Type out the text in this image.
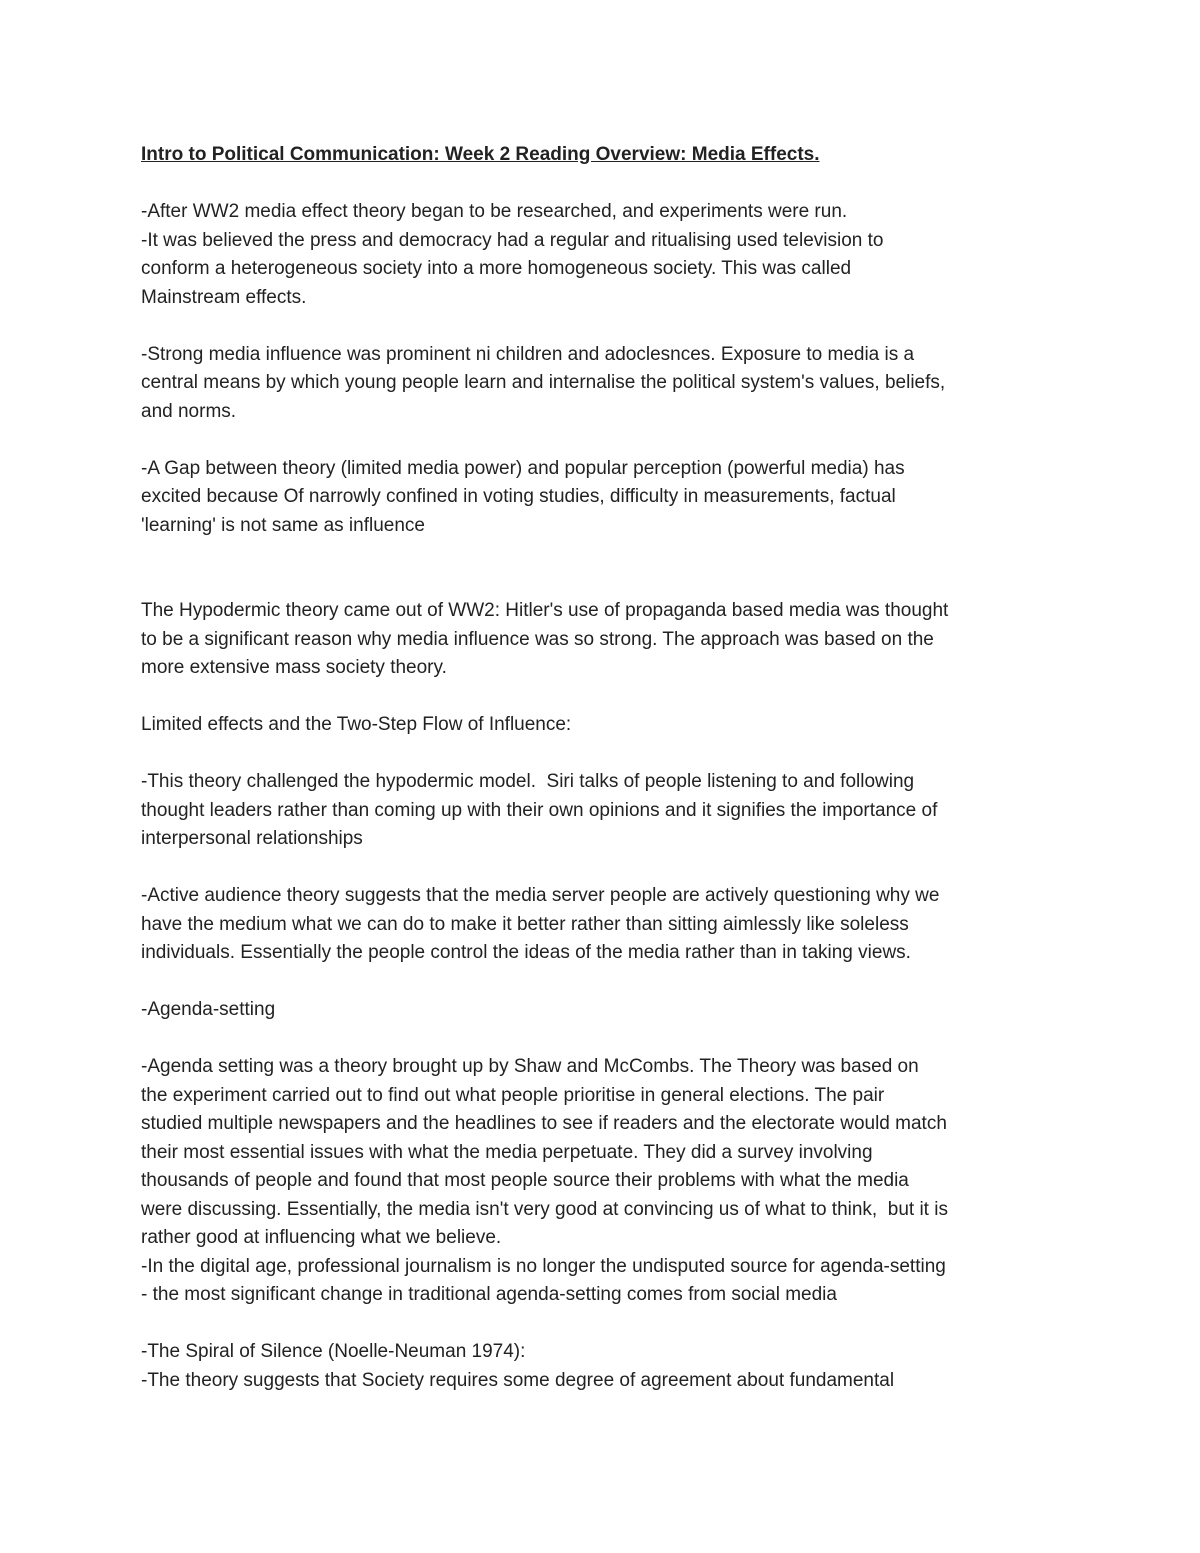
Intro to Political Communication: Week 2 Reading Overview: Media Effects.
-After WW2 media effect theory began to be researched, and experiments were run.
-It was believed the press and democracy had a regular and ritualising used television to
conform a heterogeneous society into a more homogeneous society. This was called
Mainstream effects.
-Strong media influence was prominent ni children and adoclesnces. Exposure to media is a
central means by which young people learn and internalise the political system's values, beliefs,
and norms.
-A Gap between theory (limited media power) and popular perception (powerful media) has
excited because Of narrowly confined in voting studies, difficulty in measurements, factual
'learning' is not same as influence
The Hypodermic theory came out of WW2: Hitler's use of propaganda based media was thought
to be a significant reason why media influence was so strong. The approach was based on the
more extensive mass society theory.
Limited effects and the Two-Step Flow of Influence:
-This theory challenged the hypodermic model.  Siri talks of people listening to and following
thought leaders rather than coming up with their own opinions and it signifies the importance of
interpersonal relationships
-Active audience theory suggests that the media server people are actively questioning why we
have the medium what we can do to make it better rather than sitting aimlessly like soleless
individuals. Essentially the people control the ideas of the media rather than in taking views.
-Agenda-setting
-Agenda setting was a theory brought up by Shaw and McCombs. The Theory was based on
the experiment carried out to find out what people prioritise in general elections. The pair
studied multiple newspapers and the headlines to see if readers and the electorate would match
their most essential issues with what the media perpetuate. They did a survey involving
thousands of people and found that most people source their problems with what the media
were discussing. Essentially, the media isn't very good at convincing us of what to think,  but it is
rather good at influencing what we believe.
-In the digital age, professional journalism is no longer the undisputed source for agenda-setting
- the most significant change in traditional agenda-setting comes from social media
-The Spiral of Silence (Noelle-Neuman 1974):
-The theory suggests that Society requires some degree of agreement about fundamental
